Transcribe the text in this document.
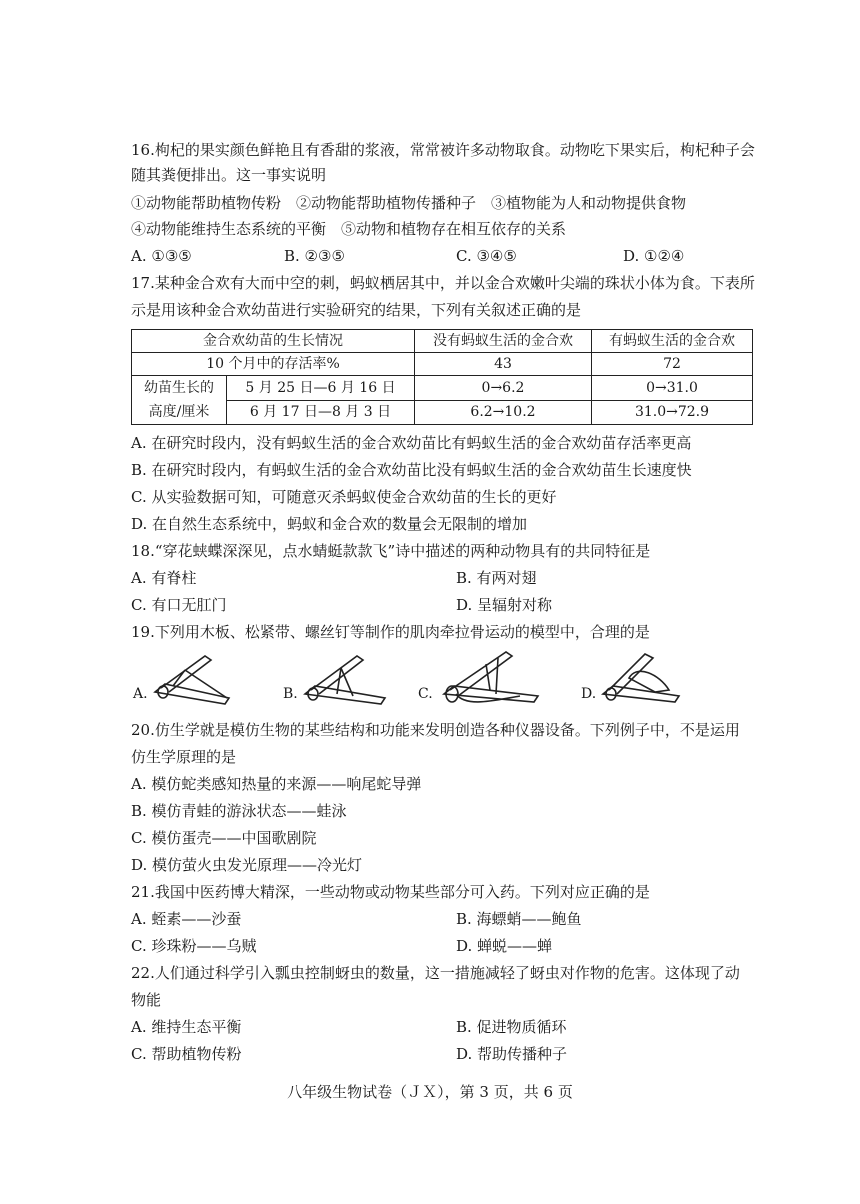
16.枸杞的果实颜色鲜艳且有香甜的浆液，常常被许多动物取食。动物吃下果实后，枸杞种子会
随其粪便排出。这一事实说明
①动物能帮助植物传粉　②动物能帮助植物传播种子　③植物能为人和动物提供食物
④动物能维持生态系统的平衡　⑤动物和植物存在相互依存的关系
A. ①③⑤	B. ②③⑤	C. ③④⑤	D. ①②④
17.某种金合欢有大而中空的刺，蚂蚁栖居其中，并以金合欢嫩叶尖端的珠状小体为食。下表所
示是用该种金合欢幼苗进行实验研究的结果，下列有关叙述正确的是
金合欢幼苗的生长情况		没有蚂蚁生活的金合欢	有蚂蚁生活的金合欢
10 个月中的存活率%		43	72

幼苗生长的
高度/厘米	5 月 25 日—6 月 16 日	0→6.2	0→31.0
	6 月 17 日—8 月 3 日	6.2→10.2	31.0→72.9
A. 在研究时段内，没有蚂蚁生活的金合欢幼苗比有蚂蚁生活的金合欢幼苗存活率更高
B. 在研究时段内，有蚂蚁生活的金合欢幼苗比没有蚂蚁生活的金合欢幼苗生长速度快
C. 从实验数据可知，可随意灭杀蚂蚁使金合欢幼苗的生长的更好
D. 在自然生态系统中，蚂蚁和金合欢的数量会无限制的增加
18.“穿花蛱蝶深深见，点水蜻蜓款款飞”诗中描述的两种动物具有的共同特征是
A. 有脊柱	B. 有两对翅
C. 有口无肛门	D. 呈辐射对称
19.下列用木板、松紧带、螺丝钉等制作的肌肉牵拉骨运动的模型中，合理的是
A.	B.	C.	D.
20.仿生学就是模仿生物的某些结构和功能来发明创造各种仪器设备。下列例子中，不是运用
仿生学原理的是
A. 模仿蛇类感知热量的来源——响尾蛇导弹
B. 模仿青蛙的游泳状态——蛙泳
C. 模仿蛋壳——中国歌剧院
D. 模仿萤火虫发光原理——冷光灯
21.我国中医药博大精深，一些动物或动物某些部分可入药。下列对应正确的是
A. 蛭素——沙蚕	B. 海螵蛸——鲍鱼
C. 珍珠粉——乌贼	D. 蝉蜕——蝉
22.人们通过科学引入瓢虫控制蚜虫的数量，这一措施减轻了蚜虫对作物的危害。这体现了动
物能
A. 维持生态平衡	B. 促进物质循环
C. 帮助植物传粉	D. 帮助传播种子
八年级生物试卷（ＪＸ），第 3 页，共 6 页
